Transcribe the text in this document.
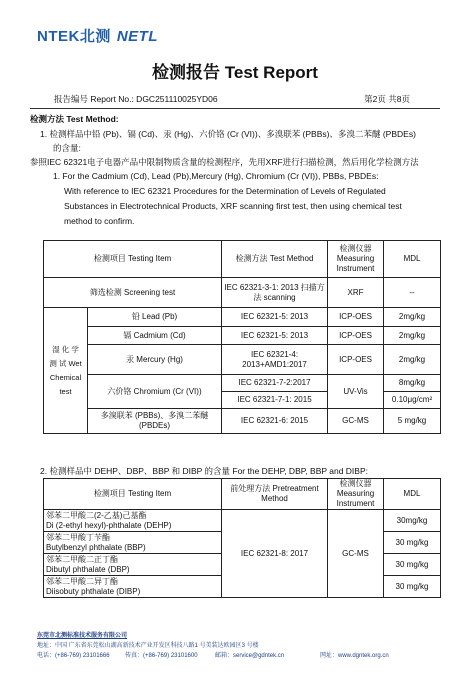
NTEK北测 NETL
检测报告 Test Report
报告编号 Report No.: DGC251110025YD06	第2页 共8页
检测方法 Test Method:
1. 检测样品中铅 (Pb)、镉 (Cd)、汞 (Hg)、六价铬 (Cr (VI))、多溴联苯 (PBBs)、多溴二苯醚 (PBDEs)
的含量:
参照IEC 62321电子电器产品中限制物质含量的检测程序，先用XRF进行扫描检测，然后用化学检测方法
1. For the Cadmium (Cd), Lead (Pb),Mercury (Hg), Chromium (Cr (VI)), PBBs, PBDEs:
With reference to IEC 62321 Procedures for the Determination of Levels of Regulated
Substances in Electrotechnical Products, XRF scanning first test, then using chemical test
method to confirm.
检测项目 Testing Item		检测方法 Test Method	检测仪器 Measuring Instrument	MDL
筛选检测 Screening test		IEC 62321-3-1: 2013 扫描方法 scanning	XRF	--
湿 化 学 测 试 Wet Chemical test	铅 Lead (Pb)	IEC 62321-5: 2013	ICP-OES	2mg/kg
	镉 Cadmium (Cd)	IEC 62321-5: 2013	ICP-OES	2mg/kg
	汞 Mercury (Hg)	IEC 62321-4: 2013+AMD1:2017	ICP-OES	2mg/kg
	六价铬 Chromium (Cr (VI))	IEC 62321-7-2:2017	UV-Vis	8mg/kg
		IEC 62321-7-1: 2015		0.10μg/cm²
	多溴联苯 (PBBs)、多溴二苯醚 (PBDEs)	IEC 62321-6: 2015	GC-MS	5 mg/kg
2. 检测样品中 DEHP、DBP、BBP 和 DIBP 的含量 For the DEHP, DBP, BBP and DIBP:
检测项目 Testing Item	前处理方法 Pretreatment Method	检测仪器 Measuring Instrument	MDL

邻苯二甲酸二(2-乙基)己基酯
Di (2-ethyl hexyl)-phthalate (DEHP)	IEC 62321-8: 2017	GC-MS	30mg/kg

邻苯二甲酸丁苄酯
Butylbenzyl phthalate (BBP)			30 mg/kg

邻苯二甲酸二正丁酯
Dibutyl phthalate (DBP)			30 mg/kg

邻苯二甲酸二异丁酯
Diisobuty phthalate (DIBP)			30 mg/kg
东莞市北测标准技术服务有限公司
地址：中国 广东省东莞松山湖高新技术产业开发区科技八路1 号美装达欧园区3 号楼
电话：(+86-769) 23101666	传真：(+86-769) 23101600	邮箱：service@gdntek.cn	网址：www.dgntek.org.cn
